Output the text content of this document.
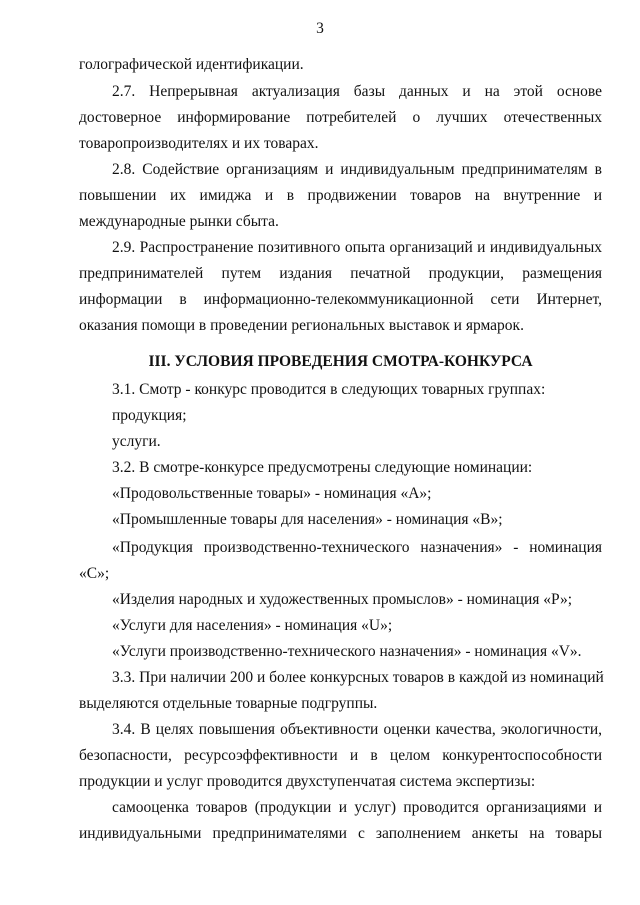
3
голографической идентификации.
2.7. Непрерывная актуализация базы данных и на этой основе
достоверное информирование потребителей о лучших отечественных
товаропроизводителях и их товарах.
2.8. Содействие организациям и индивидуальным предпринимателям в
повышении их имиджа и в продвижении товаров на внутренние и
международные рынки сбыта.
2.9. Распространение позитивного опыта организаций и индивидуальных
предпринимателей путем издания печатной продукции, размещения
информации в информационно-телекоммуникационной сети Интернет,
оказания помощи в проведении региональных выставок и ярмарок.
III. УСЛОВИЯ ПРОВЕДЕНИЯ СМОТРА-КОНКУРСА
3.1. Смотр - конкурс проводится в следующих товарных группах:
продукция;
услуги.
3.2. В смотре-конкурсе предусмотрены следующие номинации:
«Продовольственные товары» - номинация «А»;
«Промышленные товары для населения» - номинация «В»;
«Продукция производственно-технического назначения» - номинация
«С»;
«Изделия народных и художественных промыслов» - номинация «Р»;
«Услуги для населения» - номинация «U»;
«Услуги производственно-технического назначения» - номинация «V».
3.3. При наличии 200 и более конкурсных товаров в каждой из номинаций
выделяются отдельные товарные подгруппы.
3.4. В целях повышения объективности оценки качества, экологичности,
безопасности, ресурсоэффективности и в целом конкурентоспособности
продукции и услуг проводится двухступенчатая система экспертизы:
самооценка товаров (продукции и услуг) проводится организациями и
индивидуальными предпринимателями с заполнением анкеты на товары
